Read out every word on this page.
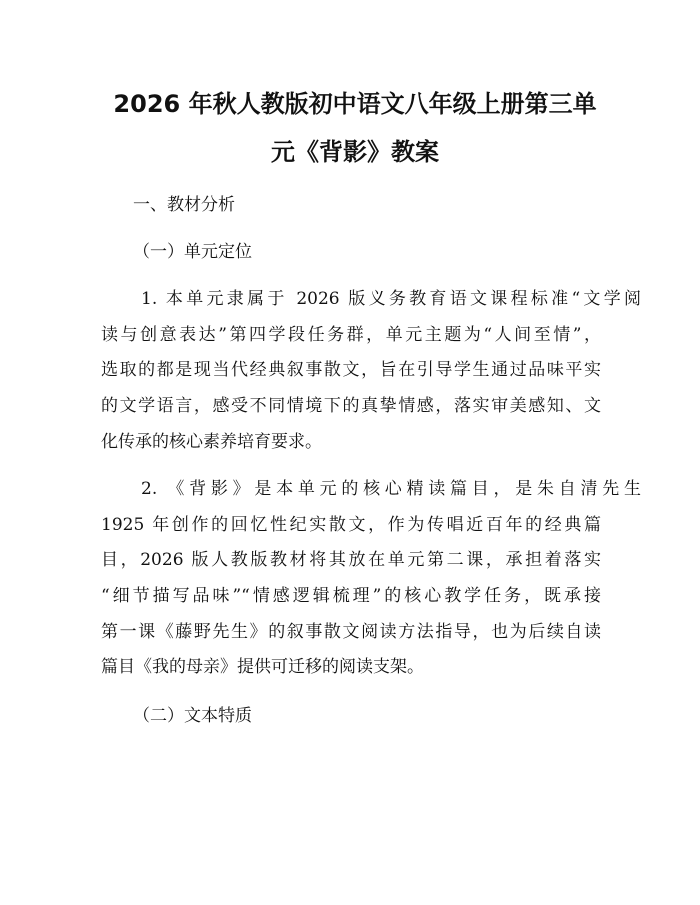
2026 年秋人教版初中语文八年级上册第三单
元《背影》教案

一、教材分析

（一）单元定位

1. 本单元隶属于 2026 版义务教育语文课程标准“文学阅
读与创意表达”第四学段任务群，单元主题为“人间至情”，
选取的都是现当代经典叙事散文，旨在引导学生通过品味平实
的文学语言，感受不同情境下的真挚情感，落实审美感知、文
化传承的核心素养培育要求。
2. 《背影》是本单元的核心精读篇目，是朱自清先生
1925 年创作的回忆性纪实散文，作为传唱近百年的经典篇
目，2026 版人教版教材将其放在单元第二课，承担着落实
“细节描写品味”“情感逻辑梳理”的核心教学任务，既承接
第一课《藤野先生》的叙事散文阅读方法指导，也为后续自读
篇目《我的母亲》提供可迁移的阅读支架。

（二）文本特质
